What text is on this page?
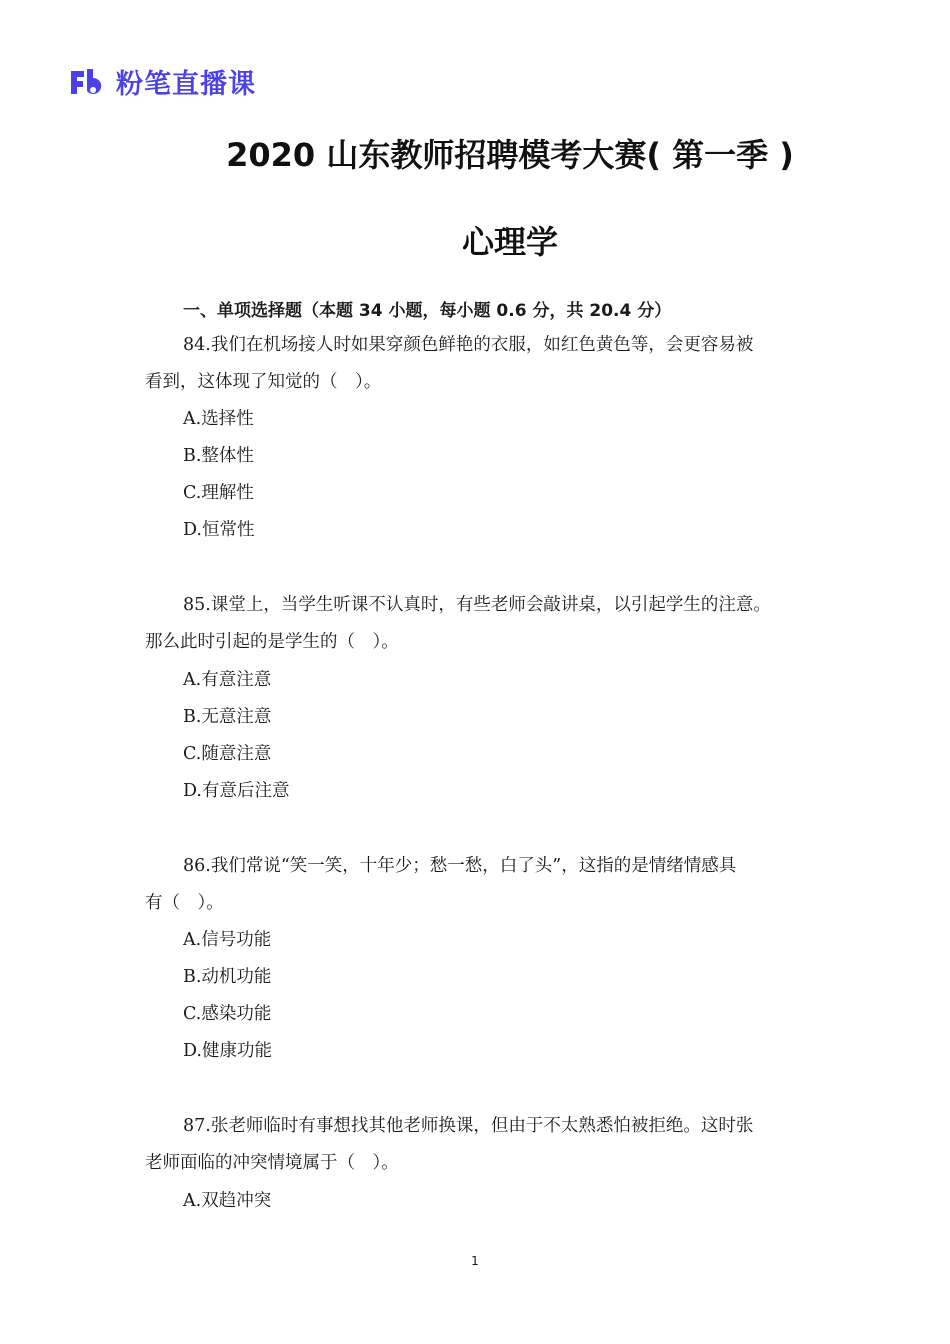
粉笔直播课
2020 山东教师招聘模考大赛( 第一季 )
心理学
一、单项选择题（本题 34 小题，每小题 0.6 分，共 20.4 分）
84.我们在机场接人时如果穿颜色鲜艳的衣服，如红色黄色等，会更容易被
看到，这体现了知觉的（　）。
A.选择性
B.整体性
C.理解性
D.恒常性
85.课堂上，当学生听课不认真时，有些老师会敲讲桌，以引起学生的注意。
那么此时引起的是学生的（　）。
A.有意注意
B.无意注意
C.随意注意
D.有意后注意
86.我们常说“笑一笑，十年少；愁一愁，白了头”，这指的是情绪情感具
有（　）。
A.信号功能
B.动机功能
C.感染功能
D.健康功能
87.张老师临时有事想找其他老师换课，但由于不太熟悉怕被拒绝。这时张
老师面临的冲突情境属于（　）。
A.双趋冲突
1
